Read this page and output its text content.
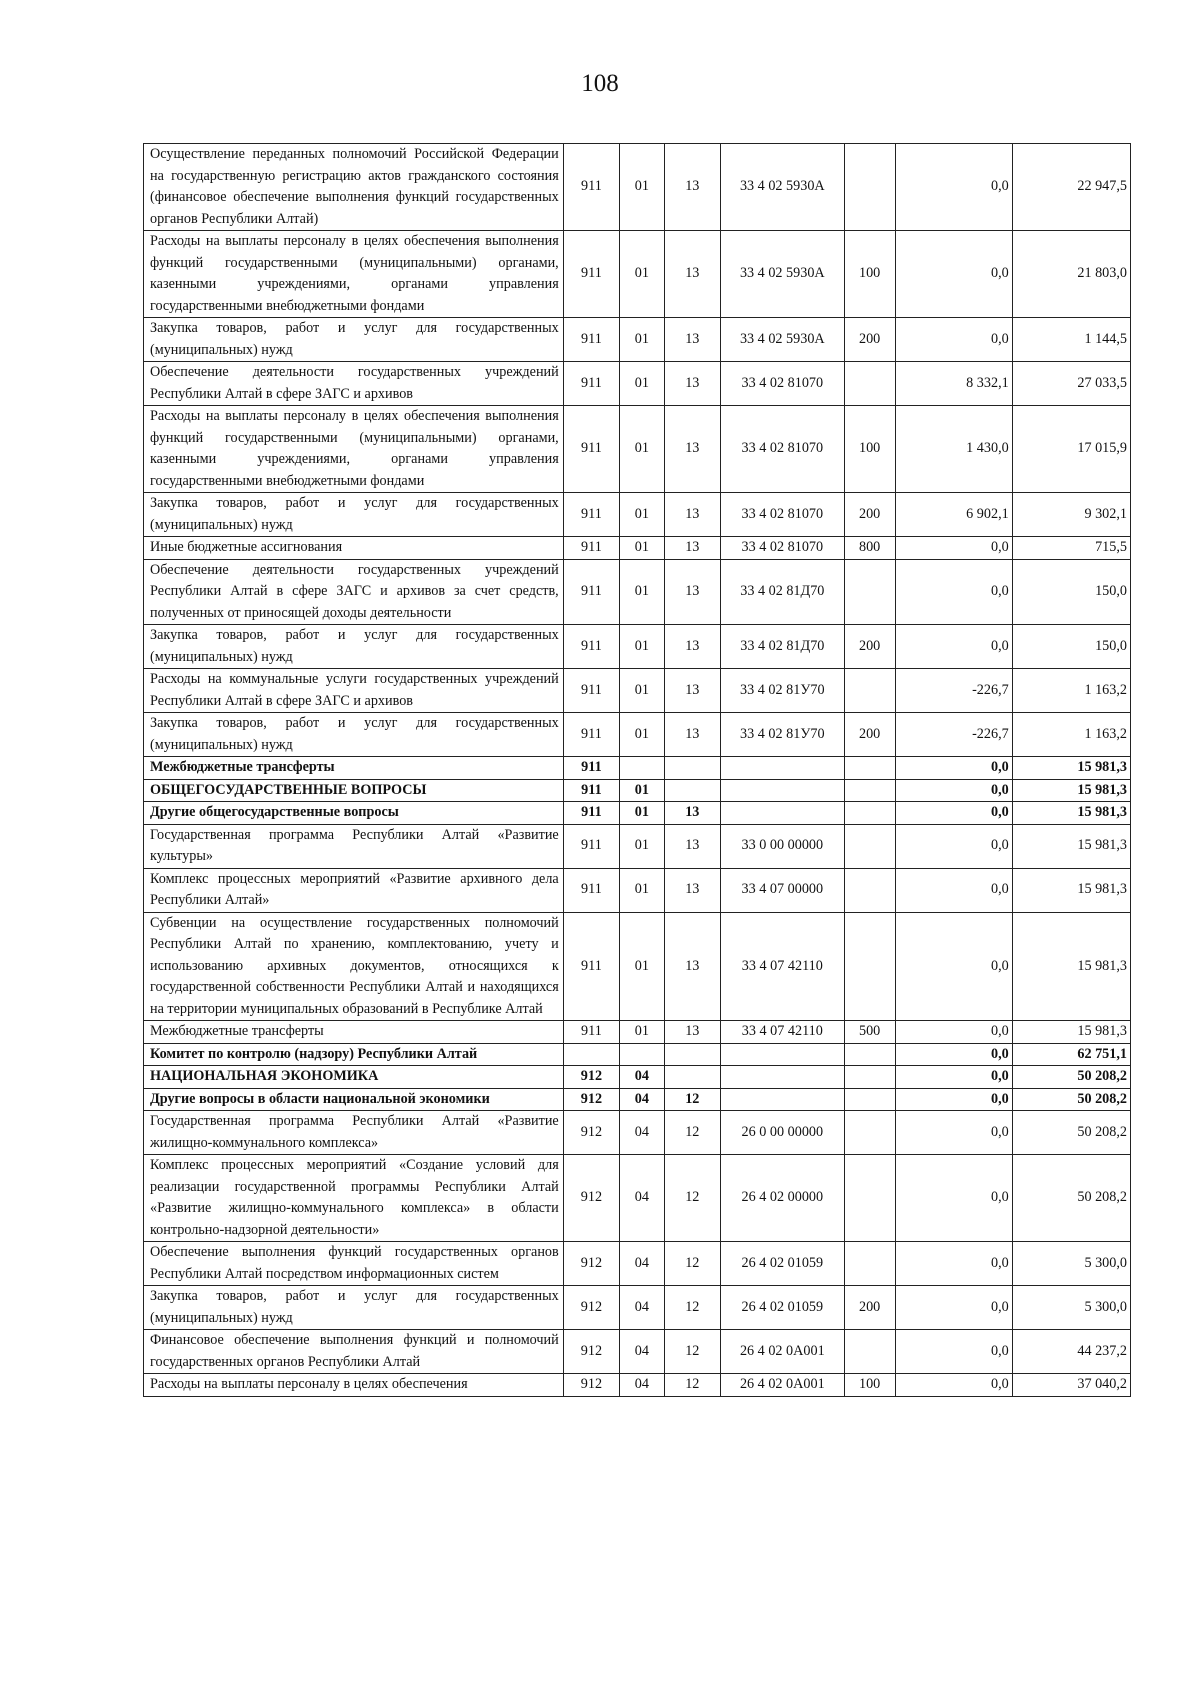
108
Осуществление переданных полномочий Российской Федерации на государственную регистрацию актов гражданского состояния (финансовое обеспечение выполнения функций государственных органов Республики Алтай)	911	01	13	33 4 02 5930А		0,0	22 947,5
Расходы на выплаты персоналу в целях обеспечения выполнения функций государственными (муниципальными) органами, казенными учреждениями, органами управления государственными внебюджетными фондами	911	01	13	33 4 02 5930А	100	0,0	21 803,0
Закупка товаров, работ и услуг для государственных (муниципальных) нужд	911	01	13	33 4 02 5930А	200	0,0	1 144,5
Обеспечение деятельности государственных учреждений Республики Алтай в сфере ЗАГС и архивов	911	01	13	33 4 02 81070		8 332,1	27 033,5
Расходы на выплаты персоналу в целях обеспечения выполнения функций государственными (муниципальными) органами, казенными учреждениями, органами управления государственными внебюджетными фондами	911	01	13	33 4 02 81070	100	1 430,0	17 015,9
Закупка товаров, работ и услуг для государственных (муниципальных) нужд	911	01	13	33 4 02 81070	200	6 902,1	9 302,1
Иные бюджетные ассигнования	911	01	13	33 4 02 81070	800	0,0	715,5
Обеспечение деятельности государственных учреждений Республики Алтай в сфере ЗАГС и архивов за счет средств, полученных от приносящей доходы деятельности	911	01	13	33 4 02 81Д70		0,0	150,0
Закупка товаров, работ и услуг для государственных (муниципальных) нужд	911	01	13	33 4 02 81Д70	200	0,0	150,0
Расходы на коммунальные услуги государственных учреждений Республики Алтай в сфере ЗАГС и архивов	911	01	13	33 4 02 81У70		-226,7	1 163,2
Закупка товаров, работ и услуг для государственных (муниципальных) нужд	911	01	13	33 4 02 81У70	200	-226,7	1 163,2
Межбюджетные трансферты	911					0,0	15 981,3
ОБЩЕГОСУДАРСТВЕННЫЕ ВОПРОСЫ	911	01				0,0	15 981,3
Другие общегосударственные вопросы	911	01	13			0,0	15 981,3
Государственная программа Республики Алтай «Развитие культуры»	911	01	13	33 0 00 00000		0,0	15 981,3
Комплекс процессных мероприятий «Развитие архивного дела Республики Алтай»	911	01	13	33 4 07 00000		0,0	15 981,3
Субвенции на осуществление государственных полномочий Республики Алтай по хранению, комплектованию, учету и использованию архивных документов, относящихся к государственной собственности Республики Алтай и находящихся на территории муниципальных образований в Республике Алтай	911	01	13	33 4 07 42110		0,0	15 981,3
Межбюджетные трансферты	911	01	13	33 4 07 42110	500	0,0	15 981,3
Комитет по контролю (надзору) Республики Алтай						0,0	62 751,1
НАЦИОНАЛЬНАЯ ЭКОНОМИКА	912	04				0,0	50 208,2
Другие вопросы в области национальной экономики	912	04	12			0,0	50 208,2
Государственная программа Республики Алтай «Развитие жилищно-коммунального комплекса»	912	04	12	26 0 00 00000		0,0	50 208,2
Комплекс процессных мероприятий «Создание условий для реализации государственной программы Республики Алтай «Развитие жилищно-коммунального комплекса» в области контрольно-надзорной деятельности»	912	04	12	26 4 02 00000		0,0	50 208,2
Обеспечение выполнения функций государственных органов Республики Алтай посредством информационных систем	912	04	12	26 4 02 01059		0,0	5 300,0
Закупка товаров, работ и услуг для государственных (муниципальных) нужд	912	04	12	26 4 02 01059	200	0,0	5 300,0
Финансовое обеспечение выполнения функций и полномочий государственных органов Республики Алтай	912	04	12	26 4 02 0А001		0,0	44 237,2
Расходы на выплаты персоналу в целях обеспечения	912	04	12	26 4 02 0А001	100	0,0	37 040,2
